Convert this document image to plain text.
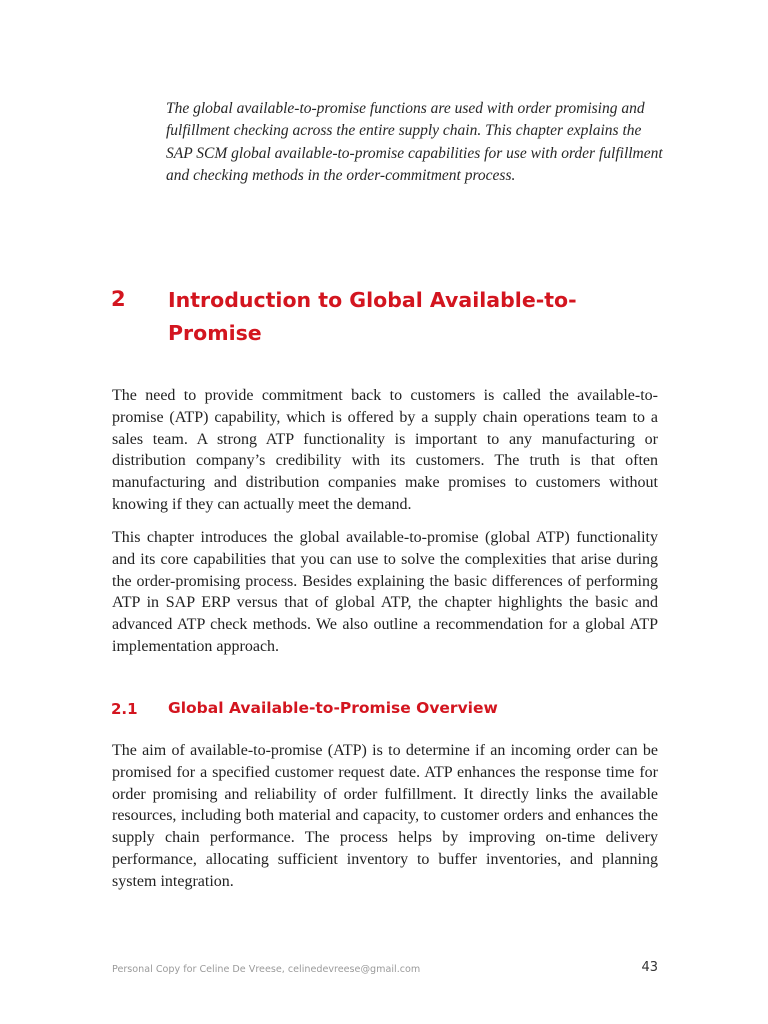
The global available-to-promise functions are used with order promising and fulfillment checking across the entire supply chain. This chapter explains the SAP SCM global available-to-promise capabilities for use with order fulfillment and checking methods in the order-commitment process.

2 Introduction to Global Available-to-Promise

The need to provide commitment back to customers is called the available-to-promise (ATP) capability, which is offered by a supply chain operations team to a sales team. A strong ATP functionality is important to any manufacturing or distribution company’s credibility with its customers. The truth is that often manufacturing and distribution companies make promises to customers without knowing if they can actually meet the demand.

This chapter introduces the global available-to-promise (global ATP) functionality and its core capabilities that you can use to solve the complexities that arise during the order-promising process. Besides explaining the basic differences of performing ATP in SAP ERP versus that of global ATP, the chapter highlights the basic and advanced ATP check methods. We also outline a recommendation for a global ATP implementation approach.

2.1 Global Available-to-Promise Overview

The aim of available-to-promise (ATP) is to determine if an incoming order can be promised for a specified customer request date. ATP enhances the response time for order promising and reliability of order fulfillment. It directly links the available resources, including both material and capacity, to customer orders and enhances the supply chain performance. The process helps by improving on-time delivery performance, allocating sufficient inventory to buffer inventories, and planning system integration.

Personal Copy for Celine De Vreese, celinedevreese@gmail.com	43
